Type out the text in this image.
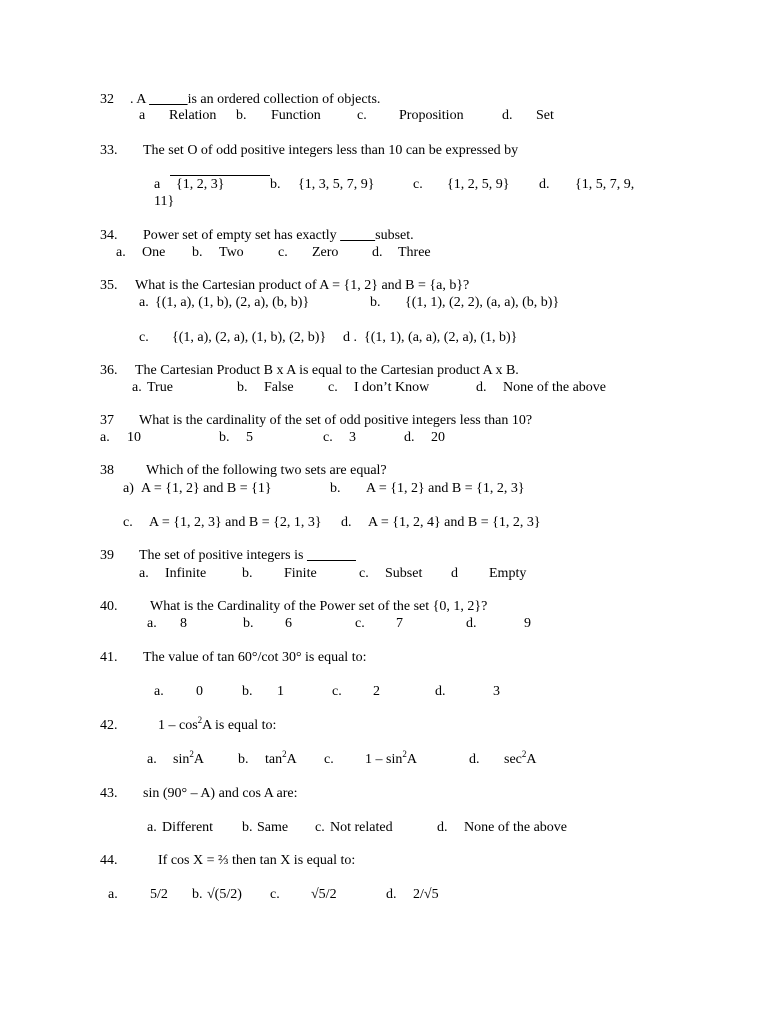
32 . A	is an ordered collection of objects.
a Relation b. Function	c. Proposition	d. Set
33. The set O of odd positive integers less than 10 can be expressed by
a {1, 2, 3}	b. {1, 3, 5, 7, 9}	c. {1, 2, 5, 9} d. {1, 5, 7, 9,
11}
34. Power set of empty set has exactly	subset.
a. One b. Two c. Zero d. Three
35. What is the Cartesian product of A = {1, 2} and B = {a, b}?
a. {(1, a), (1, b), (2, a), (b, b)}	b. {(1, 1), (2, 2), (a, a), (b, b)}
c. {(1, a), (2, a), (1, b), (2, b)} d . {(1, 1), (a, a), (2, a), (1, b)}
36. The Cartesian Product B x A is equal to the Cartesian product A x B.
a. True	b. False c. I don’t Know	d. None of the above
37 What is the cardinality of the set of odd positive integers less than 10?
a. 10	b. 5	c. 3	d. 20
38 Which of the following two sets are equal?
a) A = {1, 2} and B = {1}	b. A = {1, 2} and B = {1, 2, 3}
c. A = {1, 2, 3} and B = {2, 1, 3} d. A = {1, 2, 4} and B = {1, 2, 3}
39 The set of positive integers is
a. Infinite	b. Finite	c. Subset d Empty
40. What is the Cardinality of the Power set of the set {0, 1, 2}?
a. 8	b. 6	c. 7	d.	9
41. The value of tan 60°/cot 30° is equal to:
a. 0	b. 1	c. 2	d.	3
42.	$1 - \cos^2A$ is equal to:
a. $\sin^2A$ b. $\tan^2A$ c. $1 - \sin^2A$	d. $\sec^2A$
43. sin (90° – A) and cos A are:
a. Different b. Same c. Not related	d. None of the above
44.	If cos X = ⅔ then tan X is equal to:
a. 5/2 b. √(5/2) c. √5/2	d. 2/√5
